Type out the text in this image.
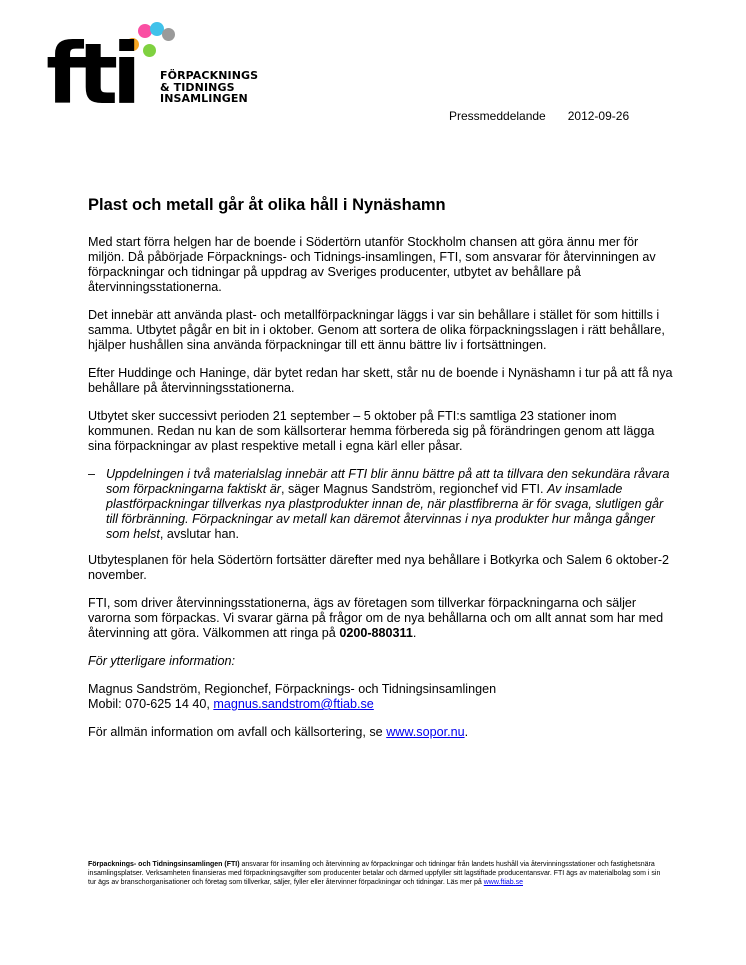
fti FÖRPACKNINGS
& TIDNINGS
INSAMLINGEN
Pressmeddelande 2012-09-26
Plast och metall går åt olika håll i Nynäshamn

Med start förra helgen har de boende i Södertörn utanför Stockholm chansen att göra ännu mer för miljön. Då påbörjade Förpacknings- och Tidnings-insamlingen, FTI, som ansvarar för återvinningen av förpackningar och tidningar på uppdrag av Sveriges producenter, utbytet av behållare på återvinningsstationerna.

Det innebär att använda plast- och metallförpackningar läggs i var sin behållare i stället för som hittills i samma. Utbytet pågår en bit in i oktober. Genom att sortera de olika förpackningsslagen i rätt behållare, hjälper hushållen sina använda förpackningar till ett ännu bättre liv i fortsättningen.

Efter Huddinge och Haninge, där bytet redan har skett, står nu de boende i Nynäshamn i tur på att få nya behållare på återvinningsstationerna.

Utbytet sker successivt perioden 21 september – 5 oktober på FTI:s samtliga 23 stationer inom kommunen. Redan nu kan de som källsorterar hemma förbereda sig på förändringen genom att lägga sina förpackningar av plast respektive metall i egna kärl eller påsar.

– Uppdelningen i två materialslag innebär att FTI blir ännu bättre på att ta tillvara den sekundära råvara som förpackningarna faktiskt är, säger Magnus Sandström, regionchef vid FTI. Av insamlade plastförpackningar tillverkas nya plastprodukter innan de, när plastfibrerna är för svaga, slutligen går till förbränning. Förpackningar av metall kan däremot återvinnas i nya produkter hur många gånger som helst, avslutar han.

Utbytesplanen för hela Södertörn fortsätter därefter med nya behållare i Botkyrka och Salem 6 oktober-2 november.

FTI, som driver återvinningsstationerna, ägs av företagen som tillverkar förpackningarna och säljer varorna som förpackas. Vi svarar gärna på frågor om de nya behållarna och om allt annat som har med återvinning att göra. Välkommen att ringa på 0200-880311.

För ytterligare information:

Magnus Sandström, Regionchef, Förpacknings- och Tidningsinsamlingen
Mobil: 070-625 14 40, magnus.sandstrom@ftiab.se

För allmän information om avfall och källsortering, se www.sopor.nu.

Förpacknings- och Tidningsinsamlingen (FTI) ansvarar för insamling och återvinning av förpackningar och tidningar från landets hushåll via återvinningsstationer och fastighetsnära insamlingsplatser. Verksamheten finansieras med förpackningsavgifter som producenter betalar och därmed uppfyller sitt lagstiftade producentansvar. FTI ägs av materialbolag som i sin tur ägs av branschorganisationer och företag som tillverkar, säljer, fyller eller återvinner förpackningar och tidningar. Läs mer på www.ftiab.se
